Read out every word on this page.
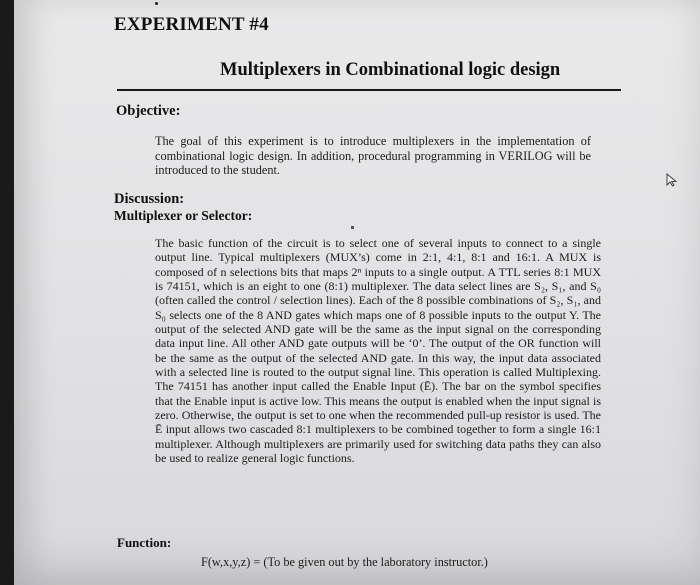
EXPERIMENT #4
Multiplexers in Combinational logic design
Objective:

The goal of this experiment is to introduce multiplexers in the implementation of combinational logic design. In addition, procedural programming in VERILOG will be introduced to the student.

Discussion:
Multiplexer or Selector:

The basic function of the circuit is to select one of several inputs to connect to a single output line. Typical multiplexers (MUX’s) come in 2:1, 4:1, 8:1 and 16:1. A MUX is composed of n selections bits that maps 2ⁿ inputs to a single output. A TTL series 8:1 MUX is 74151, which is an eight to one (8:1) multiplexer. The data select lines are S₂, S₁, and S₀ (often called the control / selection lines). Each of the 8 possible combinations of S₂, S₁, and S₀ selects one of the 8 AND gates which maps one of 8 possible inputs to the output Y. The output of the selected AND gate will be the same as the input signal on the corresponding data input line. All other AND gate outputs will be ‘0’. The output of the OR function will be the same as the output of the selected AND gate. In this way, the input data associated with a selected line is routed to the output signal line. This operation is called Multiplexing. The 74151 has another input called the Enable Input (Ē). The bar on the symbol specifies that the Enable input is active low. This means the output is enabled when the input signal is zero. Otherwise, the output is set to one when the recommended pull-up resistor is used. The Ē input allows two cascaded 8:1 multiplexers to be combined together to form a single 16:1 multiplexer. Although multiplexers are primarily used for switching data paths they can also be used to realize general logic functions.

Function:

F(w,x,y,z) = (To be given out by the laboratory instructor.)
